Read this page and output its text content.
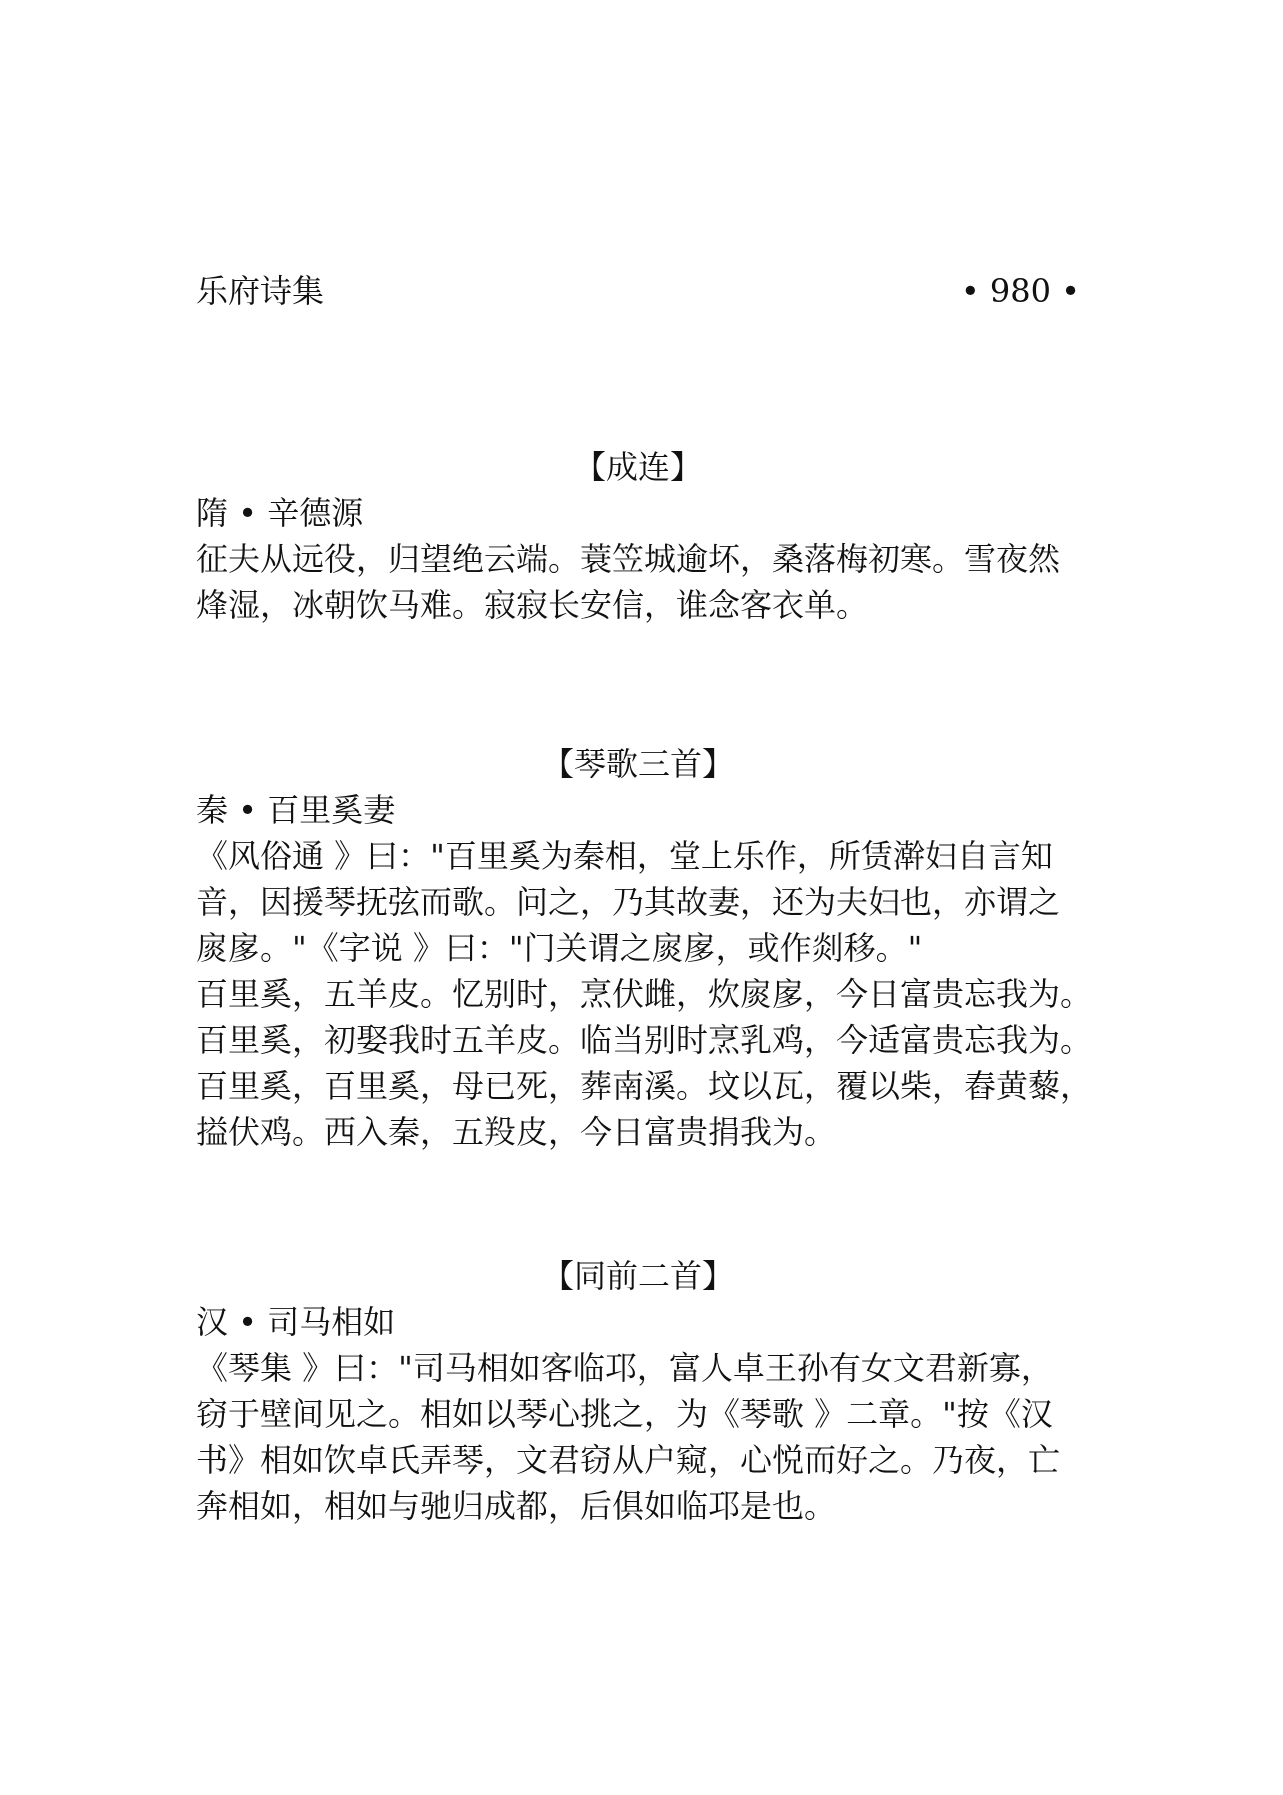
乐府诗集	• 980 •
【成连】
隋 • 辛德源
征夫从远役，归望绝云端。蓑笠城逾坏，桑落梅初寒。雪夜然
烽湿，冰朝饮马难。寂寂长安信，谁念客衣单。
【琴歌三首】
秦 • 百里奚妻
《风俗通 》曰："百里奚为秦相，堂上乐作，所赁澣妇自言知
音，因援琴抚弦而歌。问之，乃其故妻，还为夫妇也，亦谓之
扊扅。"《字说 》曰："门关谓之扊扅，或作剡移。"
百里奚，五羊皮。忆别时，烹伏雌，炊扊扅，今日富贵忘我为。
百里奚，初娶我时五羊皮。临当别时烹乳鸡，今适富贵忘我为。
百里奚，百里奚，母已死，葬南溪。坟以瓦，覆以柴，舂黄藜，
搤伏鸡。西入秦，五羖皮，今日富贵捐我为。
【同前二首】
汉 • 司马相如
《琴集 》曰："司马相如客临邛，富人卓王孙有女文君新寡，
窃于壁间见之。相如以琴心挑之，为《琴歌 》二章。"按《汉
书》相如饮卓氏弄琴，文君窃从户窥，心悦而好之。乃夜，亡
奔相如，相如与驰归成都，后俱如临邛是也。
